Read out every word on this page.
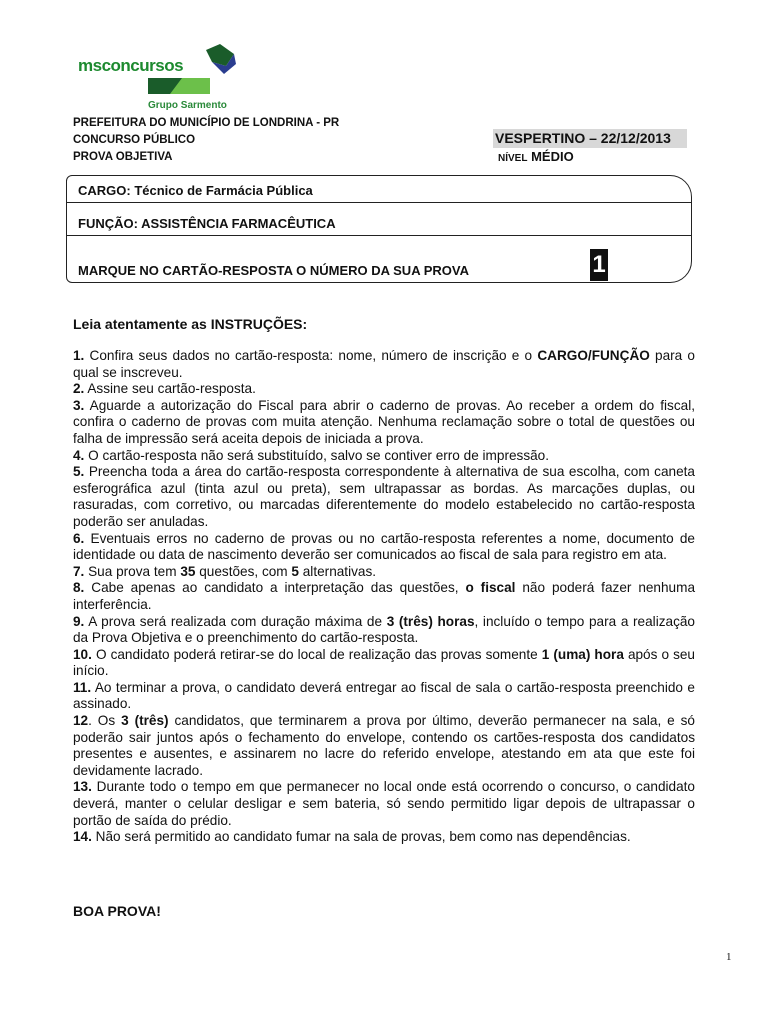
msconcursos
Grupo Sarmento
PREFEITURA DO MUNICÍPIO DE LONDRINA - PR
CONCURSO PÚBLICO
PROVA OBJETIVA
VESPERTINO – 22/12/2013
NÍVEL MÉDIO
CARGO: Técnico de Farmácia Pública
FUNÇÃO: ASSISTÊNCIA FARMACÊUTICA
MARQUE NO CARTÃO-RESPOSTA O NÚMERO DA SUA PROVA	1
Leia atentamente as INSTRUÇÕES:

1. Confira seus dados no cartão-resposta: nome, número de inscrição e o CARGO/FUNÇÃO para o qual se inscreveu.

2. Assine seu cartão-resposta.

3. Aguarde a autorização do Fiscal para abrir o caderno de provas. Ao receber a ordem do fiscal, confira o caderno de provas com muita atenção. Nenhuma reclamação sobre o total de questões ou falha de impressão será aceita depois de iniciada a prova.

4. O cartão-resposta não será substituído, salvo se contiver erro de impressão.

5. Preencha toda a área do cartão-resposta correspondente à alternativa de sua escolha, com caneta esferográfica azul (tinta azul ou preta), sem ultrapassar as bordas. As marcações duplas, ou rasuradas, com corretivo, ou marcadas diferentemente do modelo estabelecido no cartão-resposta poderão ser anuladas.

6. Eventuais erros no caderno de provas ou no cartão-resposta referentes a nome, documento de identidade ou data de nascimento deverão ser comunicados ao fiscal de sala para registro em ata.

7. Sua prova tem 35 questões, com 5 alternativas.

8. Cabe apenas ao candidato a interpretação das questões, o fiscal não poderá fazer nenhuma interferência.

9. A prova será realizada com duração máxima de 3 (três) horas, incluído o tempo para a realização da Prova Objetiva e o preenchimento do cartão-resposta.

10. O candidato poderá retirar-se do local de realização das provas somente 1 (uma) hora após o seu início.

11. Ao terminar a prova, o candidato deverá entregar ao fiscal de sala o cartão-resposta preenchido e assinado.

12. Os 3 (três) candidatos, que terminarem a prova por último, deverão permanecer na sala, e só poderão sair juntos após o fechamento do envelope, contendo os cartões-resposta dos candidatos presentes e ausentes, e assinarem no lacre do referido envelope, atestando em ata que este foi devidamente lacrado.

13. Durante todo o tempo em que permanecer no local onde está ocorrendo o concurso, o candidato deverá, manter o celular desligar e sem bateria, só sendo permitido ligar depois de ultrapassar o portão de saída do prédio.

14. Não será permitido ao candidato fumar na sala de provas, bem como nas dependências.

BOA PROVA!
1
